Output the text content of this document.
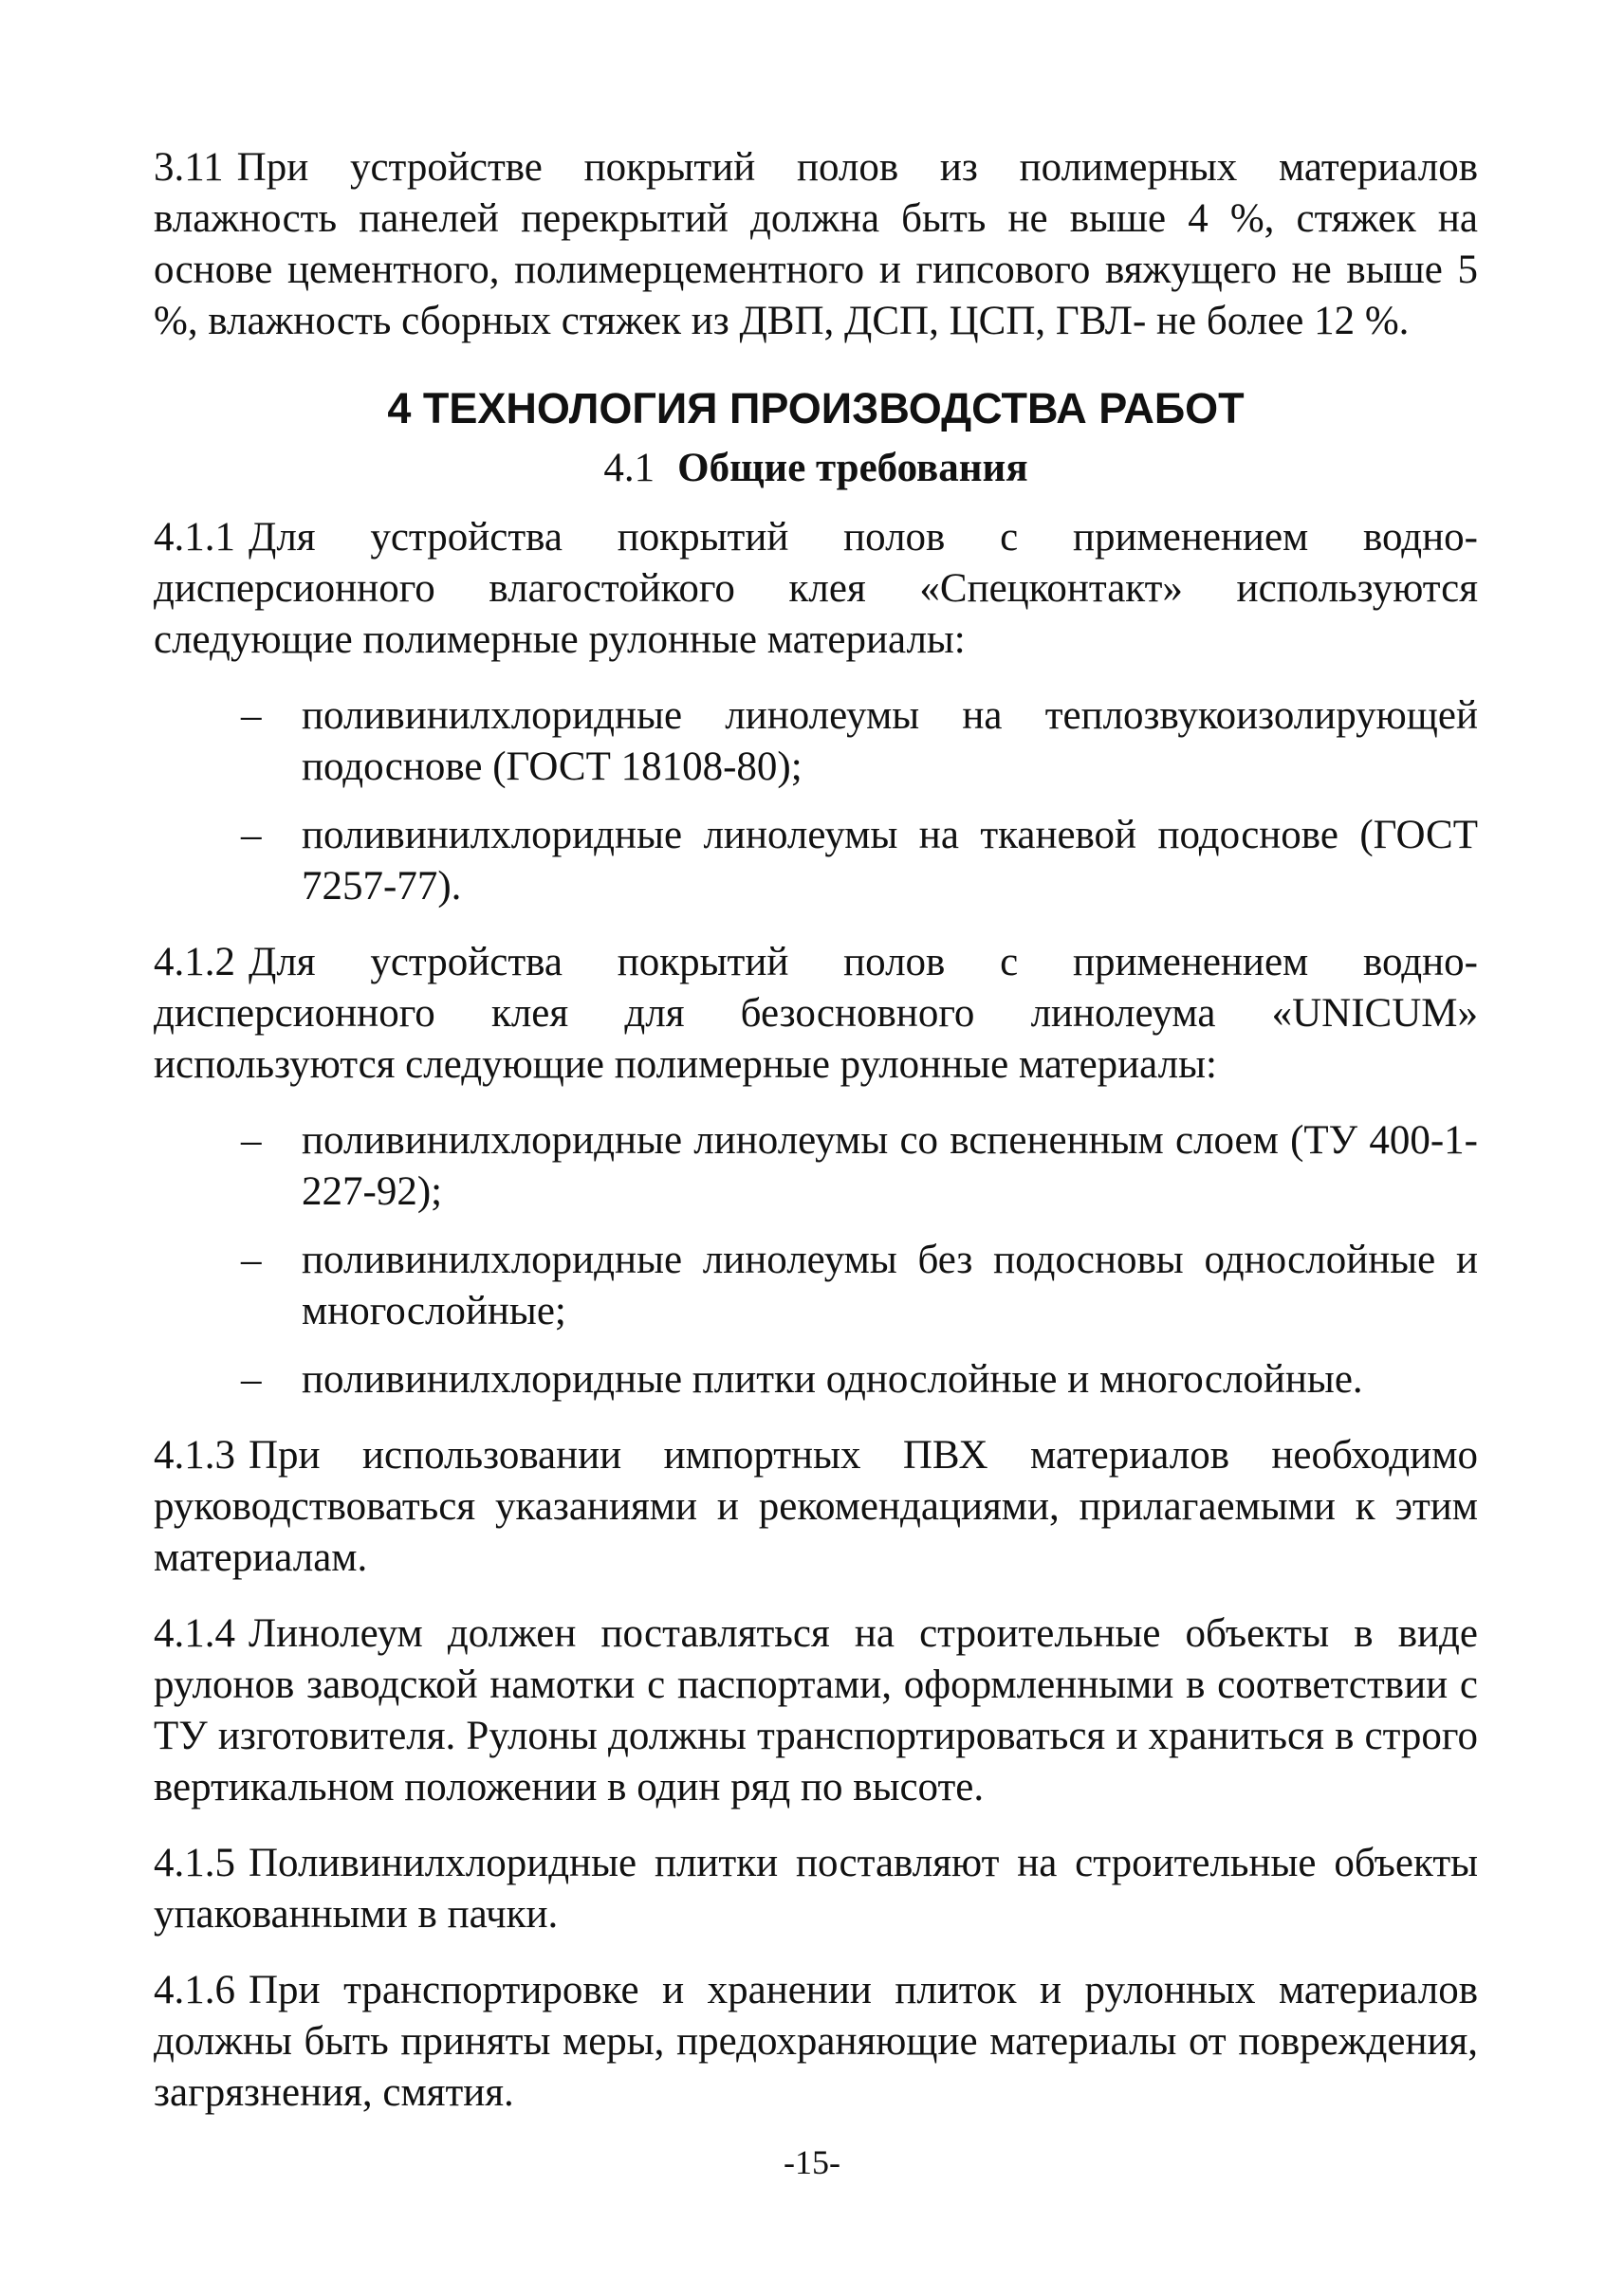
3.11 При устройстве покрытий полов из полимерных материалов влажность панелей перекрытий должна быть не выше 4 %, стяжек на основе цементного, полимерцементного и гипсового вяжущего не выше 5 %, влажность сборных стяжек из ДВП, ДСП, ЦСП, ГВЛ- не более 12 %.

4 ТЕХНОЛОГИЯ ПРОИЗВОДСТВА РАБОТ
4.1 Общие требования

4.1.1 Для устройства покрытий полов с применением водно-дисперсионного влагостойкого клея «Спецконтакт» используются следующие полимерные рулонные материалы:

– поливинилхлоридные линолеумы на теплозвукоизолирующей подоснове (ГОСТ 18108-80);
– поливинилхлоридные линолеумы на тканевой подоснове (ГОСТ 7257-77).

4.1.2 Для устройства покрытий полов с применением водно-дисперсионного клея для безосновного линолеума «UNICUM» используются следующие полимерные рулонные материалы:

– поливинилхлоридные линолеумы со вспененным слоем (ТУ 400-1-227-92);
– поливинилхлоридные линолеумы без подосновы однослойные и многослойные;
– поливинилхлоридные плитки однослойные и многослойные.

4.1.3 При использовании импортных ПВХ материалов необходимо руководствоваться указаниями и рекомендациями, прилагаемыми к этим материалам.

4.1.4 Линолеум должен поставляться на строительные объекты в виде рулонов заводской намотки с паспортами, оформленными в соответствии с ТУ изготовителя. Рулоны должны транспортироваться и храниться в строго вертикальном положении в один ряд по высоте.

4.1.5 Поливинилхлоридные плитки поставляют на строительные объекты упакованными в пачки.

4.1.6 При транспортировке и хранении плиток и рулонных материалов должны быть приняты меры, предохраняющие материалы от повреждения, загрязнения, смятия.

-15-
